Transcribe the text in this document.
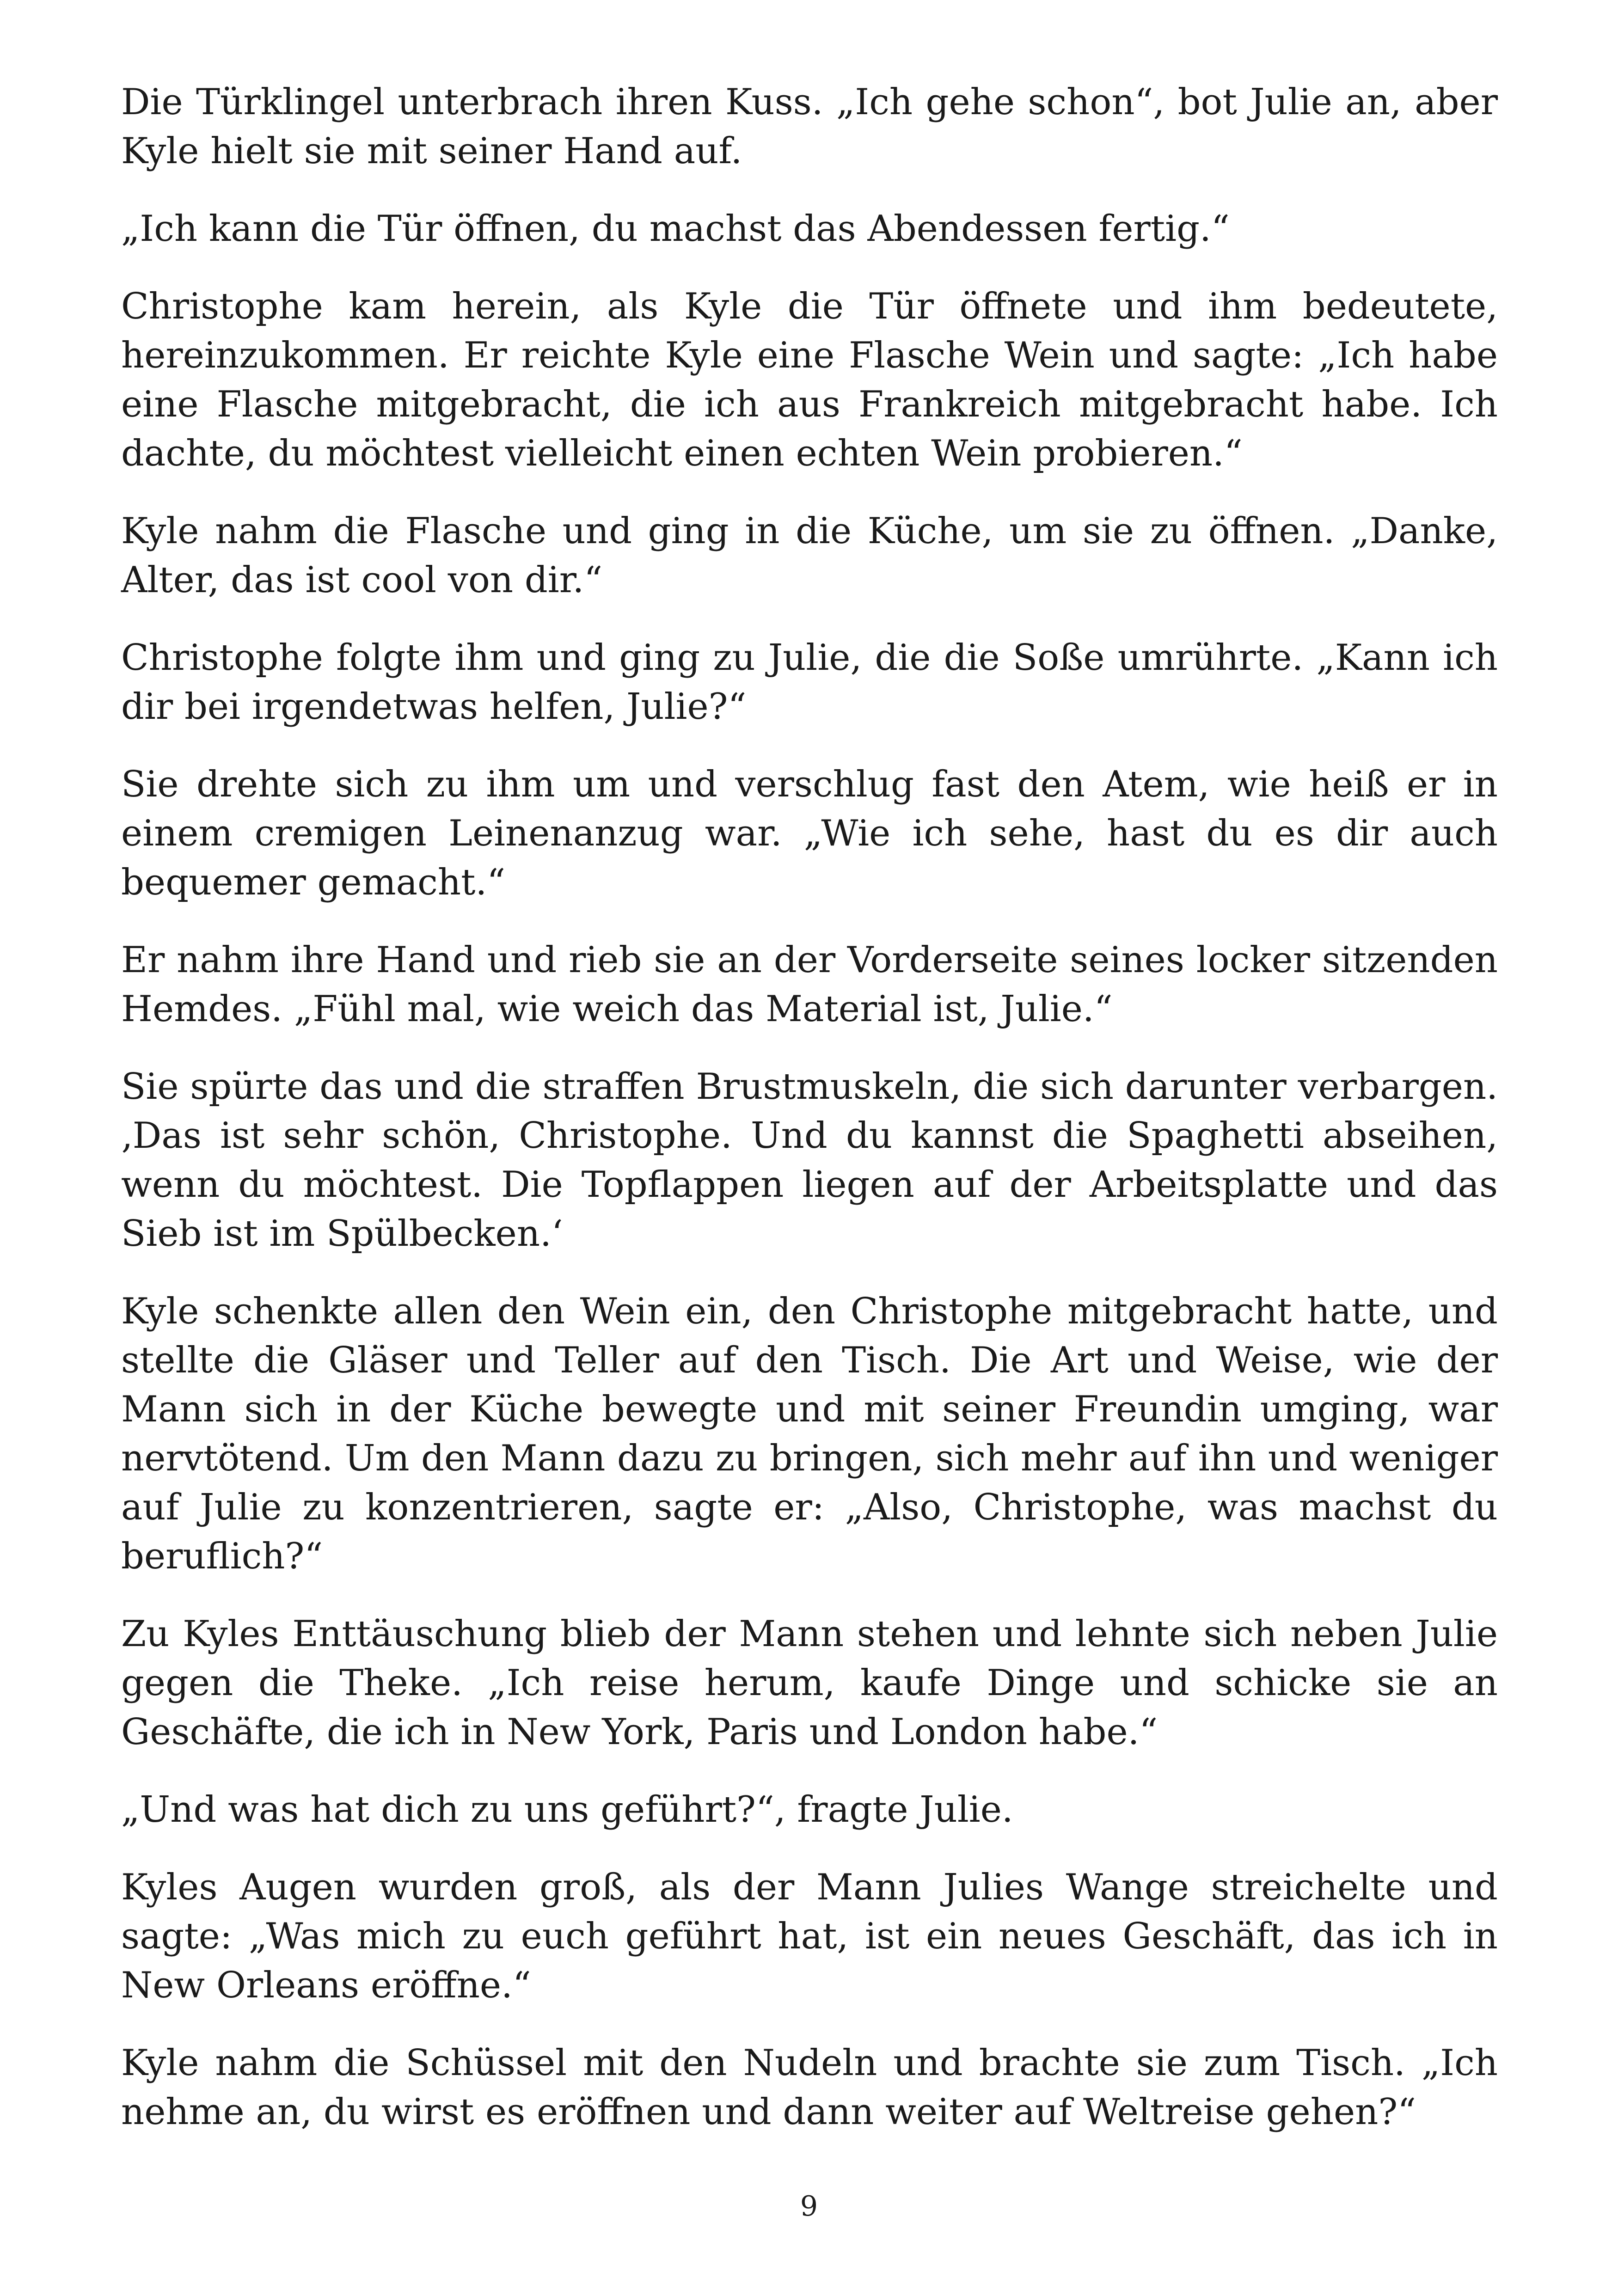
Die Türklingel unterbrach ihren Kuss. „Ich gehe schon“, bot Julie an, aber Kyle hielt sie mit seiner Hand auf.

„Ich kann die Tür öffnen, du machst das Abendessen fertig.“

Christophe kam herein, als Kyle die Tür öffnete und ihm bedeutete, hereinzukommen. Er reichte Kyle eine Flasche Wein und sagte: „Ich habe eine Flasche mitgebracht, die ich aus Frankreich mitgebracht habe. Ich dachte, du möchtest vielleicht einen echten Wein probieren.“

Kyle nahm die Flasche und ging in die Küche, um sie zu öffnen. „Danke, Alter, das ist cool von dir.“

Christophe folgte ihm und ging zu Julie, die die Soße umrührte. „Kann ich dir bei irgendetwas helfen, Julie?“

Sie drehte sich zu ihm um und verschlug fast den Atem, wie heiß er in einem cremigen Leinenanzug war. „Wie ich sehe, hast du es dir auch bequemer gemacht.“

Er nahm ihre Hand und rieb sie an der Vorderseite seines locker sitzenden Hemdes. „Fühl mal, wie weich das Material ist, Julie.“

Sie spürte das und die straffen Brustmuskeln, die sich darunter verbargen. ‚Das ist sehr schön, Christophe. Und du kannst die Spaghetti abseihen, wenn du möchtest. Die Topflappen liegen auf der Arbeitsplatte und das Sieb ist im Spülbecken.‘

Kyle schenkte allen den Wein ein, den Christophe mitgebracht hatte, und stellte die Gläser und Teller auf den Tisch. Die Art und Weise, wie der Mann sich in der Küche bewegte und mit seiner Freundin umging, war nervtötend. Um den Mann dazu zu bringen, sich mehr auf ihn und weniger auf Julie zu konzentrieren, sagte er: „Also, Christophe, was machst du beruflich?“

Zu Kyles Enttäuschung blieb der Mann stehen und lehnte sich neben Julie gegen die Theke. „Ich reise herum, kaufe Dinge und schicke sie an Geschäfte, die ich in New York, Paris und London habe.“

„Und was hat dich zu uns geführt?“, fragte Julie.

Kyles Augen wurden groß, als der Mann Julies Wange streichelte und sagte: „Was mich zu euch geführt hat, ist ein neues Geschäft, das ich in New Orleans eröffne.“

Kyle nahm die Schüssel mit den Nudeln und brachte sie zum Tisch. „Ich nehme an, du wirst es eröffnen und dann weiter auf Weltreise gehen?“

9
